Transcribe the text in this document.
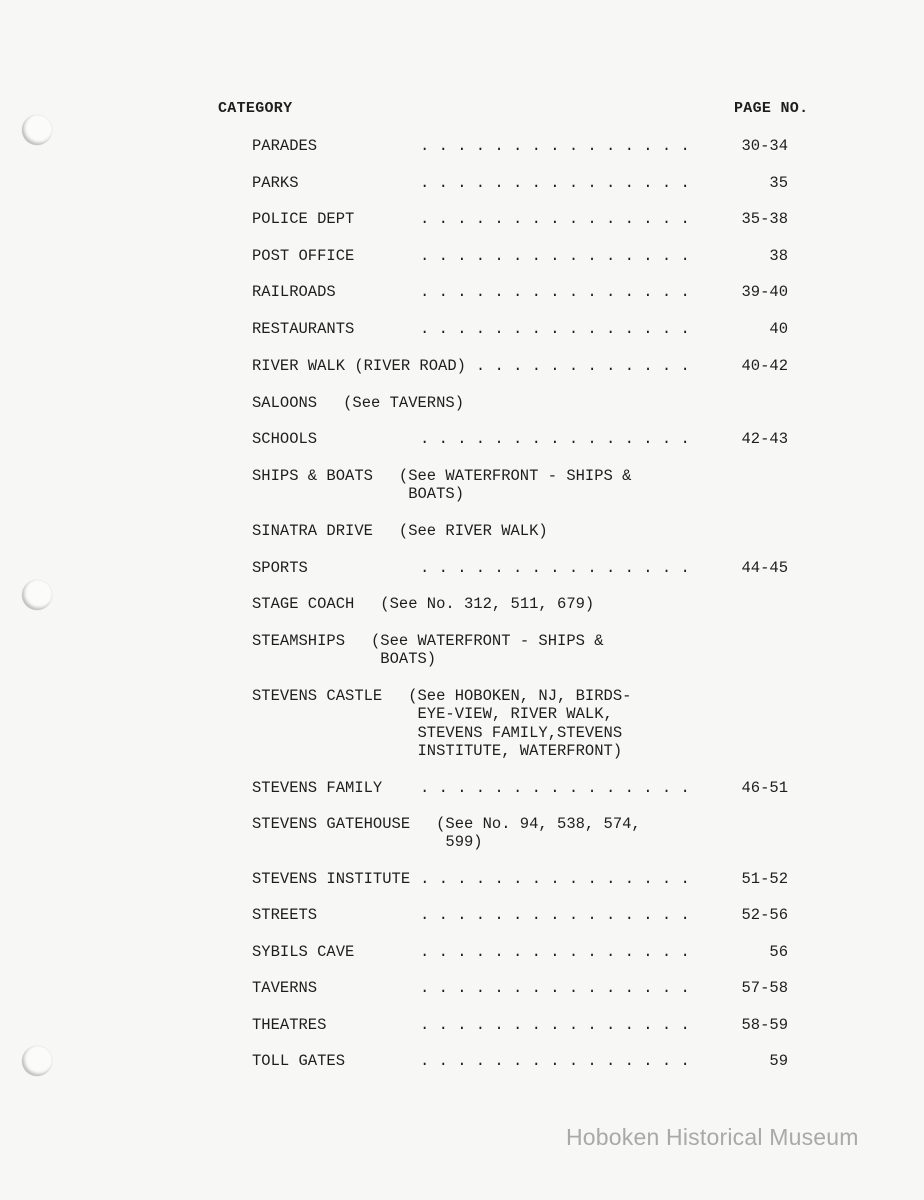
CATEGORY	PAGE NO.
PARADES	. . . . . . . . . . . . . . .	30-34
PARKS	. . . . . . . . . . . . . . .	35
POLICE DEPT	. . . . . . . . . . . . . . .	35-38
POST OFFICE	. . . . . . . . . . . . . . .	38
RAILROADS	. . . . . . . . . . . . . . .	39-40
RESTAURANTS	. . . . . . . . . . . . . . .	40
RIVER WALK (RIVER ROAD) . . . . . . . . . . . .	40-42
SALOONS (See TAVERNS)
SCHOOLS	. . . . . . . . . . . . . . .	42-43
SHIPS & BOATS (See WATERFRONT - SHIPS &
BOATS)
SINATRA DRIVE (See RIVER WALK)
SPORTS	. . . . . . . . . . . . . . .	44-45
STAGE COACH (See No. 312, 511, 679)
STEAMSHIPS (See WATERFRONT - SHIPS &
BOATS)
STEVENS CASTLE (See HOBOKEN, NJ, BIRDS-
EYE-VIEW, RIVER WALK,
STEVENS FAMILY,STEVENS
INSTITUTE, WATERFRONT)
STEVENS FAMILY . . . . . . . . . . . . . . .	46-51
STEVENS GATEHOUSE (See No. 94, 538, 574,
599)
STEVENS INSTITUTE . . . . . . . . . . . . . . .	51-52
STREETS	. . . . . . . . . . . . . . .	52-56
SYBILS CAVE	. . . . . . . . . . . . . . .	56
TAVERNS	. . . . . . . . . . . . . . .	57-58
THEATRES	. . . . . . . . . . . . . . .	58-59
TOLL GATES	. . . . . . . . . . . . . . .	59
Hoboken Historical Museum
